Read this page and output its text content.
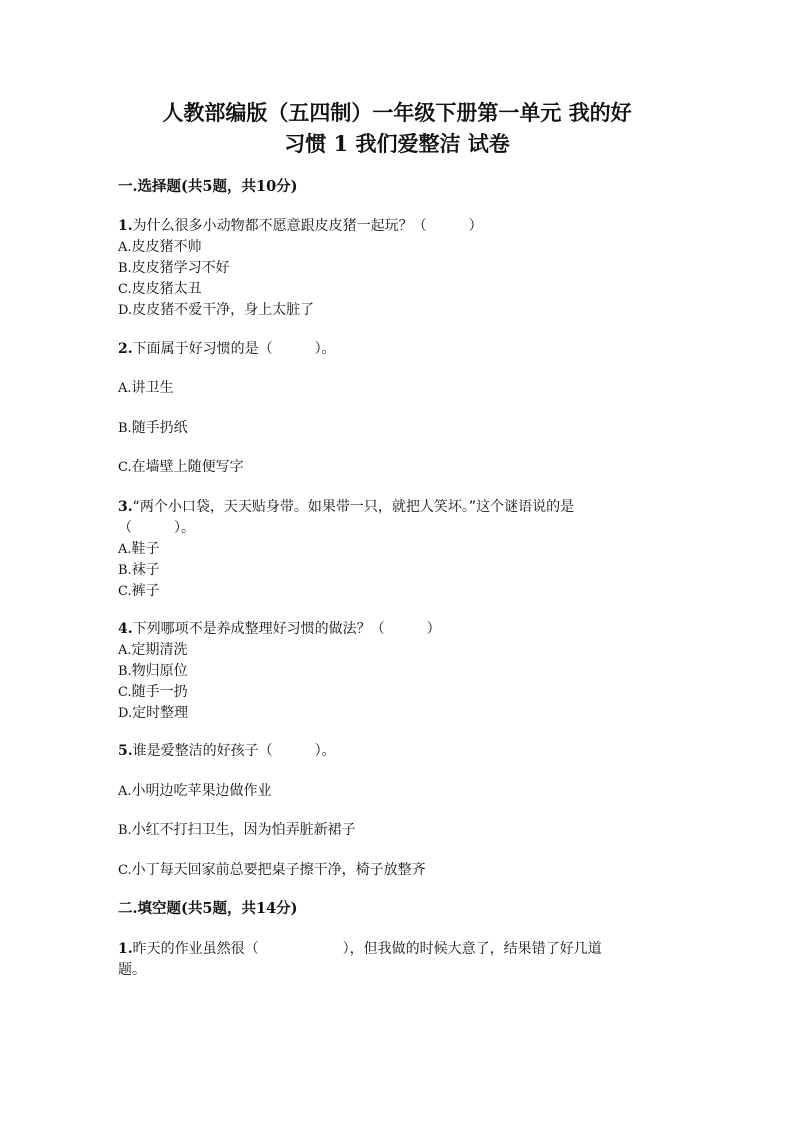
人教部编版（五四制）一年级下册第一单元 我的好
习惯 1 我们爱整洁 试卷
一.选择题(共5题，共10分)
1.为什么很多小动物都不愿意跟皮皮猪一起玩？（　　　）
A.皮皮猪不帅
B.皮皮猪学习不好
C.皮皮猪太丑
D.皮皮猪不爱干净，身上太脏了
2.下面属于好习惯的是（　　　）。
A.讲卫生
B.随手扔纸
C.在墙壁上随便写字
3.“两个小口袋，天天贴身带。如果带一只，就把人笑坏。”这个谜语说的是
（　　　）。
A.鞋子
B.袜子
C.裤子
4.下列哪项不是养成整理好习惯的做法？（　　　）
A.定期清洗
B.物归原位
C.随手一扔
D.定时整理
5.谁是爱整洁的好孩子（　　　）。
A.小明边吃苹果边做作业
B.小红不打扫卫生，因为怕弄脏新裙子
C.小丁每天回家前总要把桌子擦干净，椅子放整齐
二.填空题(共5题，共14分)
1.昨天的作业虽然很（　　　　　　），但我做的时候大意了，结果错了好几道
题。
